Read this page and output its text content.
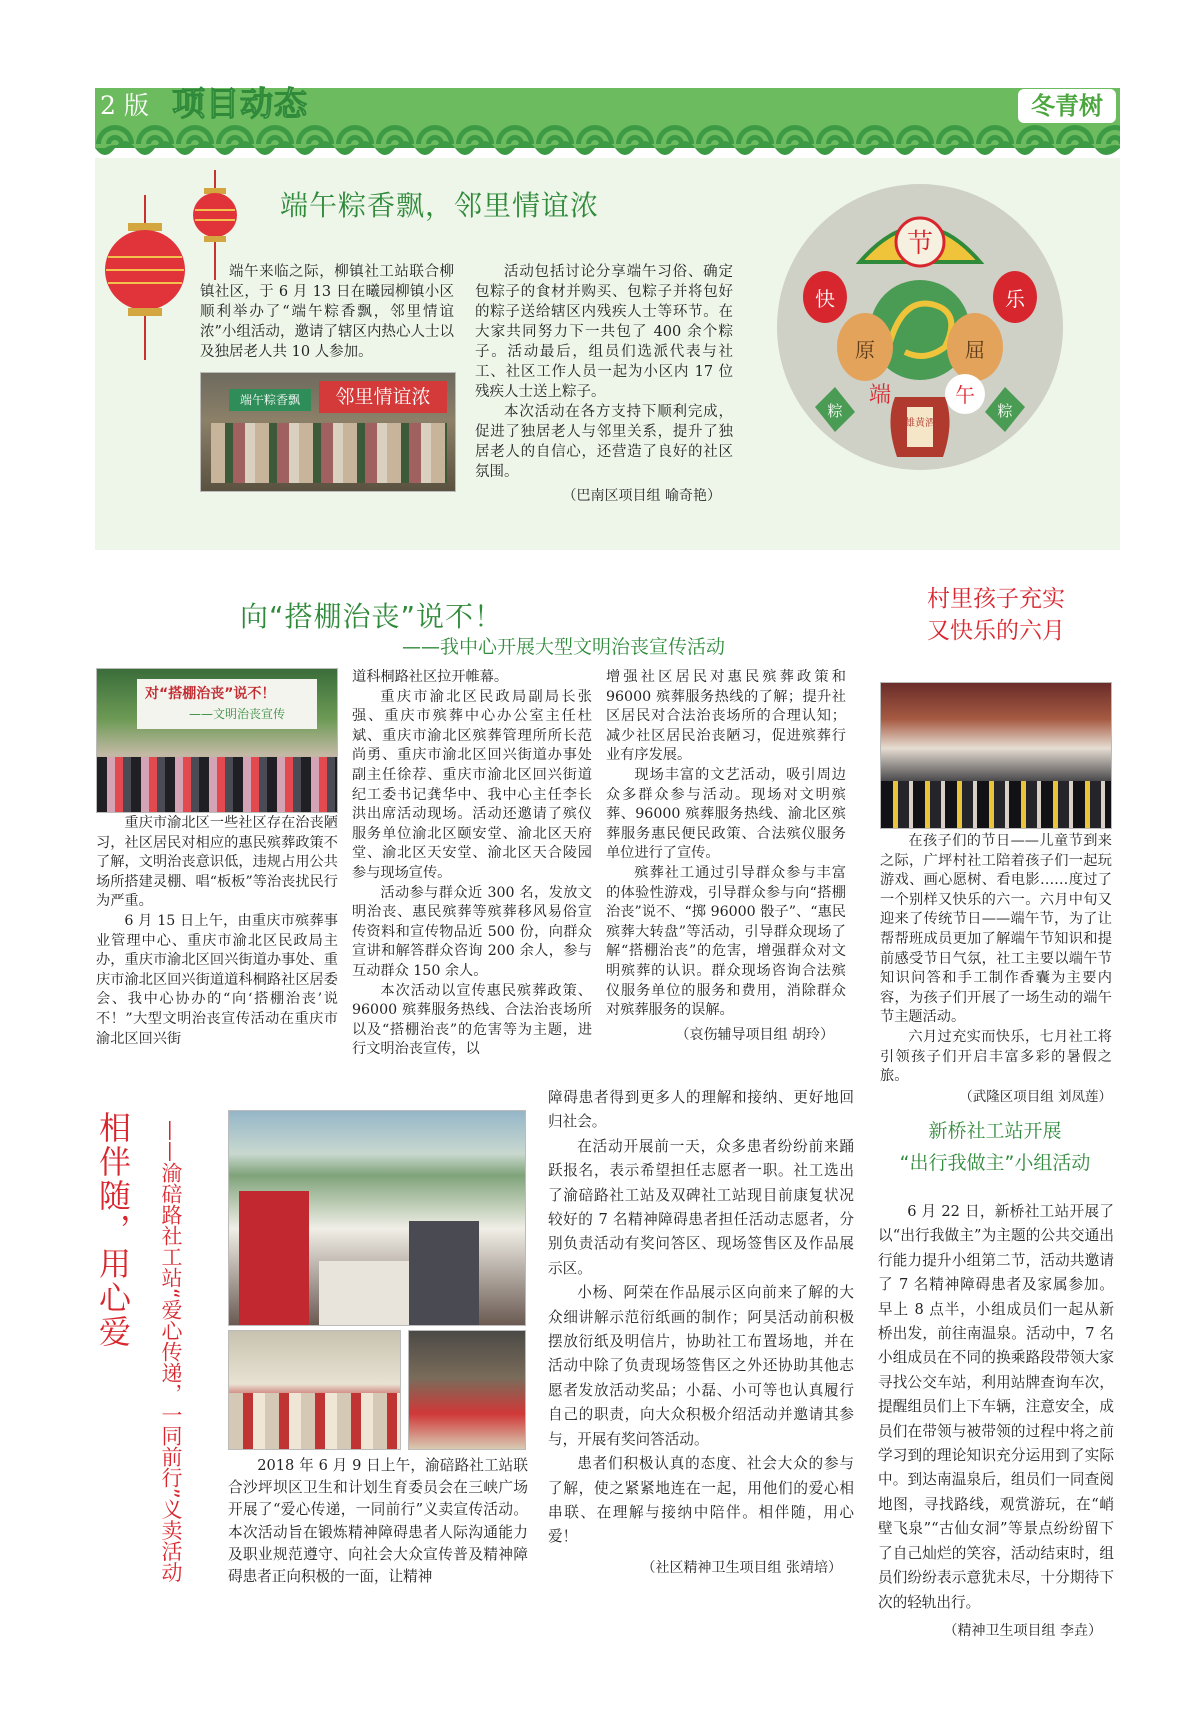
2 版 项目动态	冬青树
端午粽香飘，邻里情谊浓

端午来临之际，柳镇社工站联合柳镇社区，于 6 月 13 日在曦园柳镇小区顺利举办了“端午粽香飘，邻里情谊浓”小组活动，邀请了辖区内热心人士以及独居老人共 10 人参加。

邻里情谊浓
端午粽香飘

活动包括讨论分享端午习俗、确定包粽子的食材并购买、包粽子并将包好的粽子送给辖区内残疾人士等环节。在大家共同努力下一共包了 400 余个粽子。活动最后，组员们选派代表与社工、社区工作人员一起为小区内 17 位残疾人士送上粽子。

本次活动在各方支持下顺利完成，促进了独居老人与邻里关系，提升了独居老人的自信心，还营造了良好的社区氛围。

（巴南区项目组 喻奇艳）
节
快	乐
原	屈
端	午
粽	粽
雄黄酒
向“搭棚治丧”说不！
——我中心开展大型文明治丧宣传活动
对“搭棚治丧”说不！
——文明治丧宣传

重庆市渝北区一些社区存在治丧陋习，社区居民对相应的惠民殡葬政策不了解，文明治丧意识低，违规占用公共场所搭建灵棚、唱“板板”等治丧扰民行为严重。

6 月 15 日上午，由重庆市殡葬事业管理中心、重庆市渝北区民政局主办，重庆市渝北区回兴街道办事处、重庆市渝北区回兴街道道科桐路社区居委会、我中心协办的“向‘搭棚治丧’说不！”大型文明治丧宣传活动在重庆市渝北区回兴街

道科桐路社区拉开帷幕。

重庆市渝北区民政局副局长张强、重庆市殡葬中心办公室主任杜斌、重庆市渝北区殡葬管理所所长范尚勇、重庆市渝北区回兴街道办事处副主任徐荐、重庆市渝北区回兴街道纪工委书记龚华中、我中心主任李长洪出席活动现场。活动还邀请了殡仪服务单位渝北区颐安堂、渝北区天府堂、渝北区天安堂、渝北区天合陵园参与现场宣传。

活动参与群众近 300 名，发放文明治丧、惠民殡葬等殡葬移风易俗宣传资料和宣传物品近 500 份，向群众宣讲和解答群众咨询 200 余人，参与互动群众 150 余人。

本次活动以宣传惠民殡葬政策、96000 殡葬服务热线、合法治丧场所以及“搭棚治丧”的危害等为主题，进行文明治丧宣传，以

增强社区居民对惠民殡葬政策和 96000 殡葬服务热线的了解；提升社区居民对合法治丧场所的合理认知；减少社区居民治丧陋习，促进殡葬行业有序发展。

现场丰富的文艺活动，吸引周边众多群众参与活动。现场对文明殡葬、96000 殡葬服务热线、渝北区殡葬服务惠民便民政策、合法殡仪服务单位进行了宣传。

殡葬社工通过引导群众参与丰富的体验性游戏，引导群众参与向“搭棚治丧”说不、“掷 96000 骰子”、“惠民殡葬大转盘”等活动，引导群众现场了解“搭棚治丧”的危害，增强群众对文明殡葬的认识。群众现场咨询合法殡仪服务单位的服务和费用，消除群众对殡葬服务的误解。

（哀伤辅导项目组 胡玲）
村里孩子充实
又快乐的六月

在孩子们的节日——儿童节到来之际，广坪村社工陪着孩子们一起玩游戏、画心愿树、看电影……度过了一个别样又快乐的六一。六月中旬又迎来了传统节日——端午节，为了让帮帮班成员更加了解端午节知识和提前感受节日气氛，社工主要以端午节知识问答和手工制作香囊为主要内容，为孩子们开展了一场生动的端午节主题活动。

六月过充实而快乐，七月社工将引领孩子们开启丰富多彩的暑假之旅。

（武隆区项目组 刘凤莲）
相伴随，用心爱	——渝碚路社工站“爱心传递，一同前行”义卖活动	2018 年 6 月 9 日上午，渝碚路社工站联合沙坪坝区卫生和计划生育委员会在三峡广场开展了“爱心传递，一同前行”义卖宣传活动。本次活动旨在锻炼精神障碍患者人际沟通能力及职业规范遵守、向社会大众宣传普及精神障碍患者正向积极的一面，让精神

障碍患者得到更多人的理解和接纳、更好地回归社会。

在活动开展前一天，众多患者纷纷前来踊跃报名，表示希望担任志愿者一职。社工选出了渝碚路社工站及双碑社工站现目前康复状况较好的 7 名精神障碍患者担任活动志愿者，分别负责活动有奖问答区、现场签售区及作品展示区。

小杨、阿荣在作品展示区向前来了解的大众细讲解示范衍纸画的制作；阿昊活动前积极摆放衍纸及明信片，协助社工布置场地，并在活动中除了负责现场签售区之外还协助其他志愿者发放活动奖品；小磊、小可等也认真履行自己的职责，向大众积极介绍活动并邀请其参与，开展有奖问答活动。

患者们积极认真的态度、社会大众的参与了解，使之紧紧地连在一起，用他们的爱心相串联、在理解与接纳中陪伴。相伴随，用心爱！

（社区精神卫生项目组 张靖培）
新桥社工站开展
“出行我做主”小组活动

6 月 22 日，新桥社工站开展了以“出行我做主”为主题的公共交通出行能力提升小组第二节，活动共邀请了 7 名精神障碍患者及家属参加。早上 8 点半，小组成员们一起从新桥出发，前往南温泉。活动中，7 名小组成员在不同的换乘路段带领大家寻找公交车站，利用站牌查询车次，提醒组员们上下车辆，注意安全，成员们在带领与被带领的过程中将之前学习到的理论知识充分运用到了实际中。到达南温泉后，组员们一同查阅地图，寻找路线，观赏游玩，在“峭壁飞泉”“古仙女洞”等景点纷纷留下了自己灿烂的笑容，活动结束时，组员们纷纷表示意犹未尽，十分期待下次的轻轨出行。

（精神卫生项目组 李垚）
